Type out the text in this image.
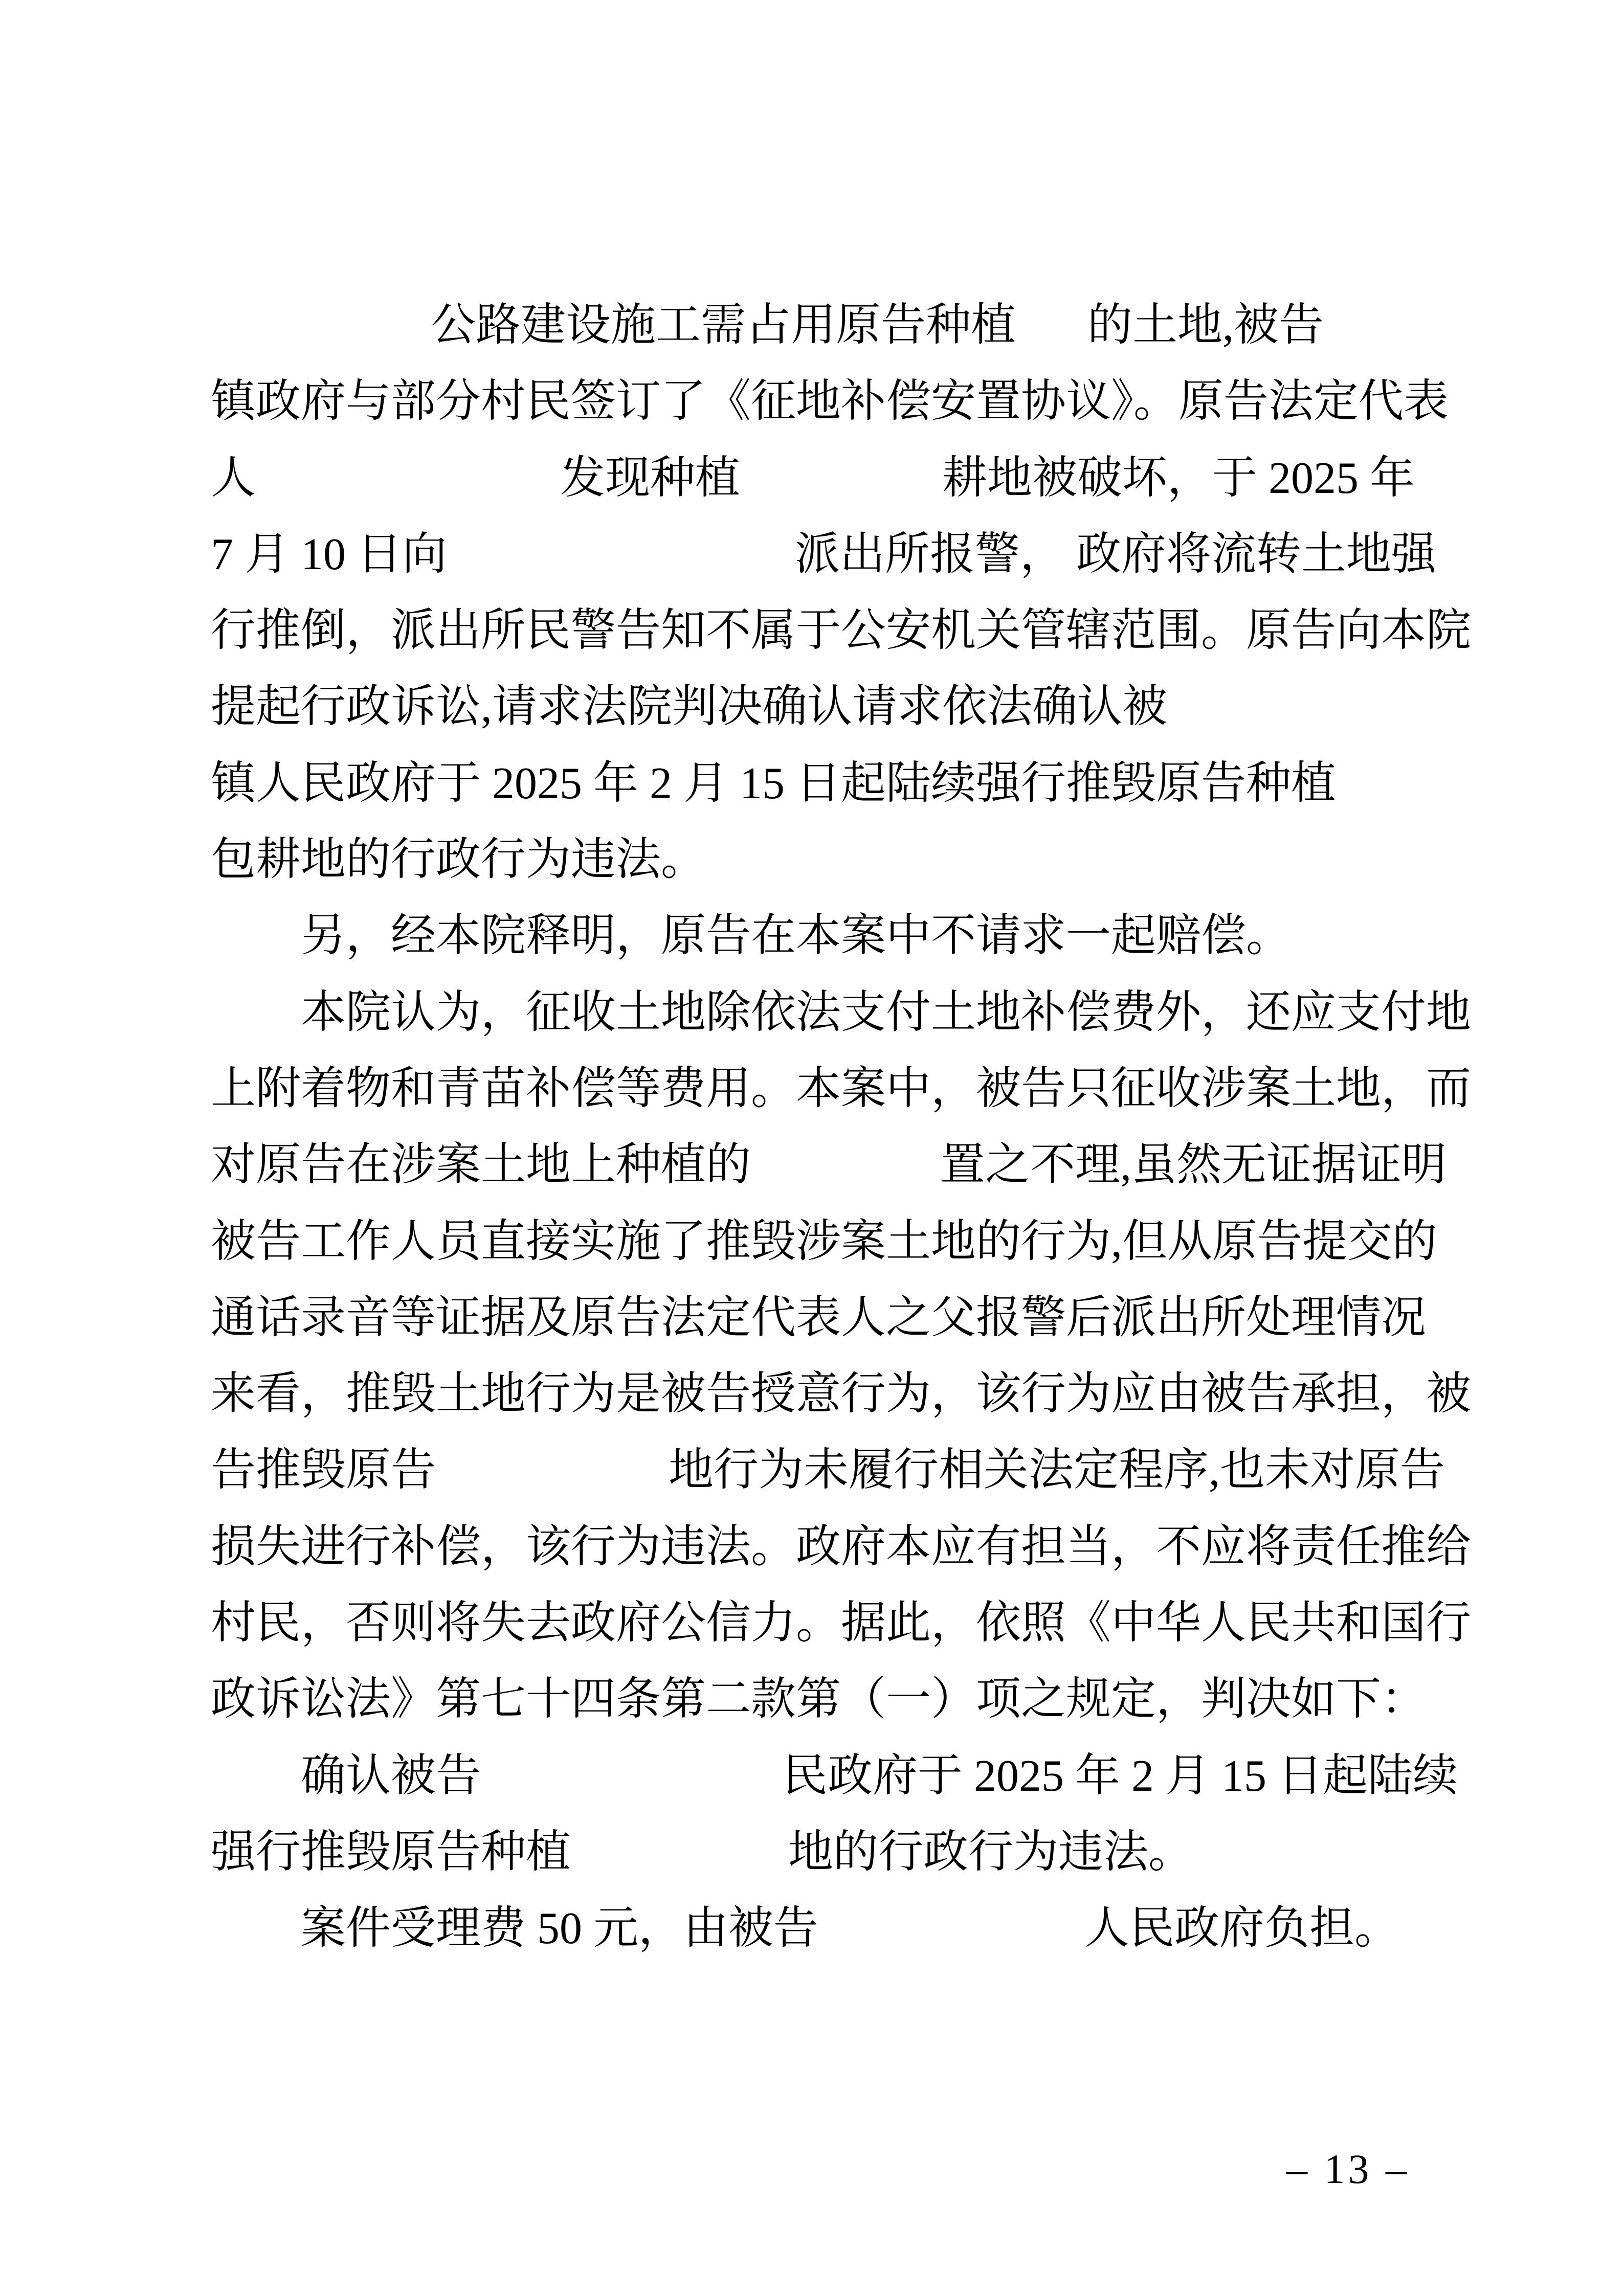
公路建设施工需占用原告种植 的土地,被告
镇政府与部分村民签订了《征地补偿安置协议》。原告法定代表
人	发现种植	耕地被破坏，于 2025 年
7 月 10 日向	派出所报警， 政府将流转土地强
行推倒，派出所民警告知不属于公安机关管辖范围。原告向本院
提起行政诉讼,请求法院判决确认请求依法确认被
镇人民政府于 2025 年 2 月 15 日起陆续强行推毁原告种植
包耕地的行政行为违法。
另，经本院释明，原告在本案中不请求一起赔偿。
本院认为，征收土地除依法支付土地补偿费外，还应支付地
上附着物和青苗补偿等费用。本案中，被告只征收涉案土地，而
对原告在涉案土地上种植的	置之不理,虽然无证据证明
被告工作人员直接实施了推毁涉案土地的行为,但从原告提交的
通话录音等证据及原告法定代表人之父报警后派出所处理情况
来看，推毁土地行为是被告授意行为，该行为应由被告承担，被
告推毁原告	地行为未履行相关法定程序,也未对原告
损失进行补偿，该行为违法。政府本应有担当，不应将责任推给
村民，否则将失去政府公信力。据此，依照《中华人民共和国行
政诉讼法》第七十四条第二款第（一）项之规定，判决如下：
确认被告	民政府于 2025 年 2 月 15 日起陆续
强行推毁原告种植	地的行政行为违法。
案件受理费 50 元，由被告	人民政府负担。
– 13 –
